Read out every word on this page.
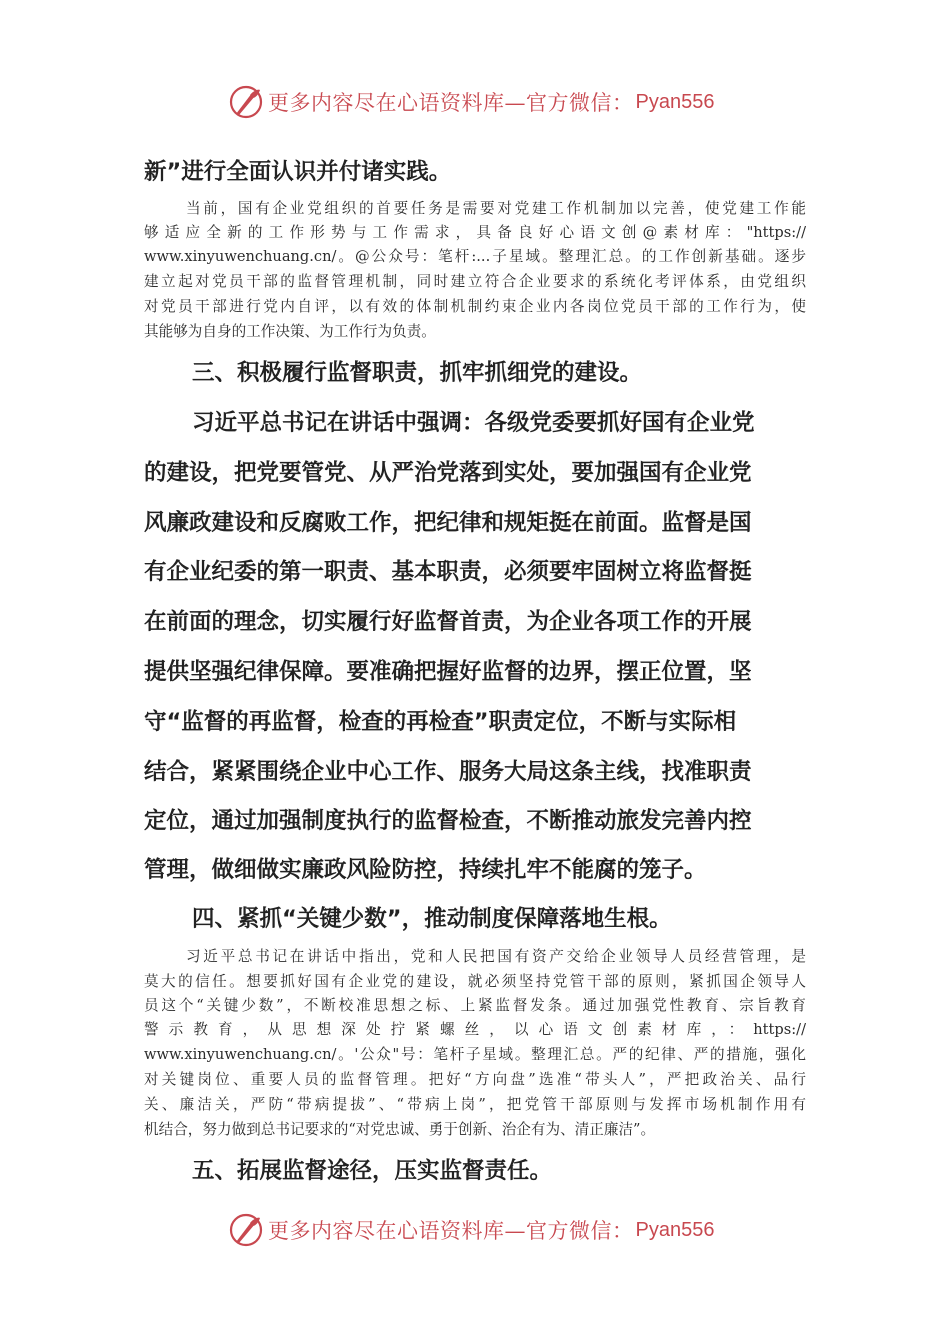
更多内容尽在心语资料库—官方微信： Pyan556
新”进行全面认识并付诸实践。
当前，国有企业党组织的首要任务是需要对党建工作机制加以完善，使党建工作能
够适应全新的工作形势与工作需求，具备良好心语文创@素材库："https://
www.xinyuwenchuang.cn/。@公众号：笔杆:...子星域。整理汇总。的工作创新基础。逐步
建立起对党员干部的监督管理机制，同时建立符合企业要求的系统化考评体系，由党组织
对党员干部进行党内自评，以有效的体制机制约束企业内各岗位党员干部的工作行为，使
其能够为自身的工作决策、为工作行为负责。
三、积极履行监督职责，抓牢抓细党的建设。
习近平总书记在讲话中强调：各级党委要抓好国有企业党
的建设，把党要管党、从严治党落到实处，要加强国有企业党
风廉政建设和反腐败工作，把纪律和规矩挺在前面。监督是国
有企业纪委的第一职责、基本职责，必须要牢固树立将监督挺
在前面的理念，切实履行好监督首责，为企业各项工作的开展
提供坚强纪律保障。要准确把握好监督的边界，摆正位置，坚
守“监督的再监督，检查的再检查”职责定位，不断与实际相
结合，紧紧围绕企业中心工作、服务大局这条主线，找准职责
定位，通过加强制度执行的监督检查，不断推动旅发完善内控
管理，做细做实廉政风险防控，持续扎牢不能腐的笼子。
四、紧抓“关键少数”，推动制度保障落地生根。
习近平总书记在讲话中指出，党和人民把国有资产交给企业领导人员经营管理，是
莫大的信任。想要抓好国有企业党的建设，就必须坚持党管干部的原则，紧抓国企领导人
员这个“关键少数”，不断校准思想之标、上紧监督发条。通过加强党性教育、宗旨教育
警示教育，从思想深处拧紧螺丝，以心语文创素材库，：https://
www.xinyuwenchuang.cn/。'公众"号：笔杆子星域。整理汇总。严的纪律、严的措施，强化
对关键岗位、重要人员的监督管理。把好“方向盘”选准“带头人”，严把政治关、品行
关、廉洁关，严防“带病提拔”、“带病上岗”，把党管干部原则与发挥市场机制作用有
机结合，努力做到总书记要求的“对党忠诚、勇于创新、治企有为、清正廉洁”。
五、拓展监督途径，压实监督责任。
更多内容尽在心语资料库—官方微信： Pyan556
